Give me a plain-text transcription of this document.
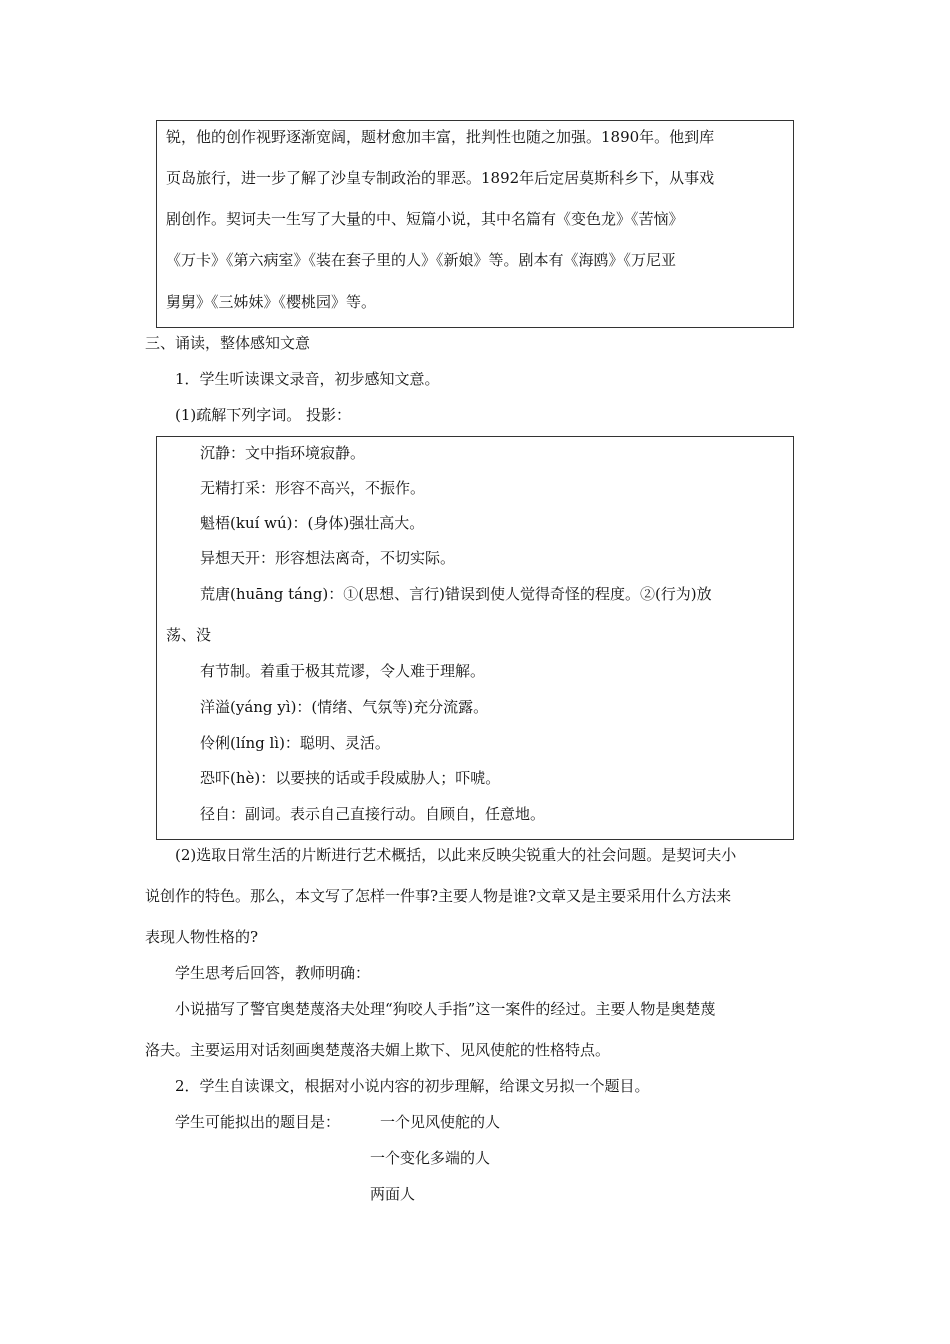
锐，他的创作视野逐渐宽阔，题材愈加丰富，批判性也随之加强。1890年。他到库
页岛旅行，进一步了解了沙皇专制政治的罪恶。1892年后定居莫斯科乡下，从事戏
剧创作。契诃夫一生写了大量的中、短篇小说，其中名篇有《变色龙》《苦恼》
《万卡》《第六病室》《装在套子里的人》《新娘》等。剧本有《海鸥》《万尼亚
舅舅》《三姊妹》《樱桃园》等。
三、诵读，整体感知文意
1．学生听读课文录音，初步感知文意。
(1)疏解下列字词。 投影：
沉静：文中指环境寂静。
无精打采：形容不高兴，不振作。
魁梧(kuí wú)：(身体)强壮高大。
异想天开：形容想法离奇，不切实际。
荒唐(huāng táng)：①(思想、言行)错误到使人觉得奇怪的程度。②(行为)放
荡、没
有节制。着重于极其荒谬，令人难于理解。
洋溢(yáng yì)：(情绪、气氛等)充分流露。
伶俐(líng lì)：聪明、灵活。
恐吓(hè)：以要挟的话或手段威胁人；吓唬。
径自：副词。表示自己直接行动。自顾自，任意地。
(2)选取日常生活的片断进行艺术概括，以此来反映尖锐重大的社会问题。是契诃夫小
说创作的特色。那么，本文写了怎样一件事?主要人物是谁?文章又是主要采用什么方法来
表现人物性格的?
学生思考后回答，教师明确：
小说描写了警官奥楚蔑洛夫处理“狗咬人手指”这一案件的经过。主要人物是奥楚蔑
洛夫。主要运用对话刻画奥楚蔑洛夫媚上欺下、见风使舵的性格特点。
2．学生自读课文，根据对小说内容的初步理解，给课文另拟一个题目。
学生可能拟出的题目是：	一个见风使舵的人
一个变化多端的人
两面人
